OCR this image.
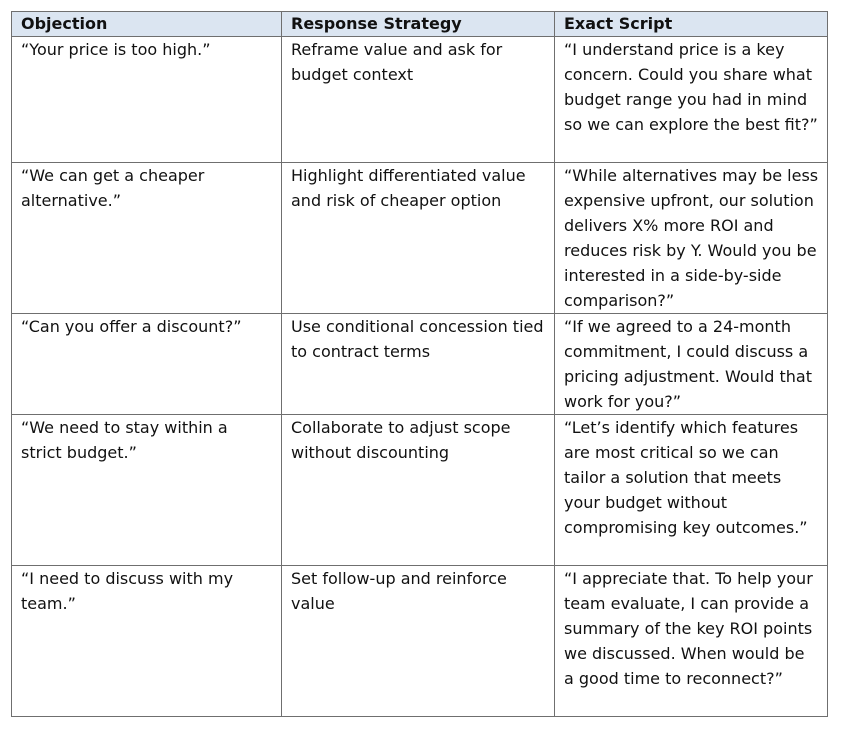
Objection	Response Strategy	Exact Script
“Your price is too high.”	Reframe value and ask for budget context	“I understand price is a key concern. Could you share what budget range you had in mind so we can explore the best fit?”
“We can get a cheaper alternative.”	Highlight differentiated value and risk of cheaper option	“While alternatives may be less expensive upfront, our solution delivers X% more ROI and reduces risk by Y. Would you be interested in a side-by-side comparison?”
“Can you offer a discount?”	Use conditional concession tied to contract terms	“If we agreed to a 24-month commitment, I could discuss a pricing adjustment. Would that work for you?”
“We need to stay within a strict budget.”	Collaborate to adjust scope without discounting	“Let’s identify which features are most critical so we can tailor a solution that meets your budget without compromising key outcomes.”
“I need to discuss with my team.”	Set follow-up and reinforce value	“I appreciate that. To help your team evaluate, I can provide a summary of the key ROI points we discussed. When would be a good time to reconnect?”
